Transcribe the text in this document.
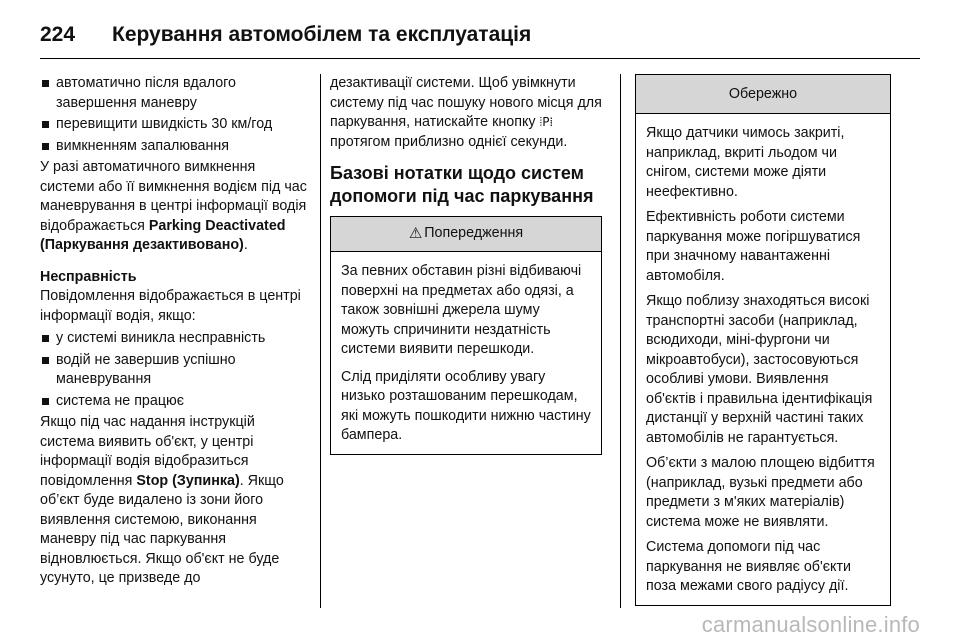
224	Керування автомобілем та експлуатація
автоматично після вдалого завершення маневру
перевищити швидкість 30 км/год
вимкненням запалювання

У разі автоматичного вимкнення системи або її вимкнення водієм під час маневрування в центрі інформації водія відображається Parking Deactivated (Паркування дезактивовано).

Несправність

Повідомлення відображається в центрі інформації водія, якщо:

у системі виникла несправність
водій не завершив успішно маневрування
система не працює

Якщо під час надання інструкцій система виявить об'єкт, у центрі інформації водія відобразиться повідомлення Stop (Зупинка). Якщо об’єкт буде видалено із зони його виявлення системою, виконання маневру під час паркування відновлюється. Якщо об'єкт не буде усунуто, це призведе до

дезактивації системи. Щоб увімкнути систему під час пошуку нового місця для паркування, натискайте кнопку ⦙P⁞ протягом приблизно однієї секунди.

Базові нотатки щодо систем допомоги під час паркування
⚠ Попередження

За певних обставин різні відбиваючі поверхні на предметах або одязі, а також зовнішні джерела шуму можуть спричинити нездатність системи виявити перешкоди.

Слід приділяти особливу увагу низько розташованим перешкодам, які можуть пошкодити нижню частину бампера.

Обережно

Якщо датчики чимось закриті, наприклад, вкриті льодом чи снігом, системи може діяти неефективно.

Ефективність роботи системи паркування може погіршуватися при значному навантаженні автомобіля.

Якщо поблизу знаходяться високі транспортні засоби (наприклад, всюдиходи, міні-фургони чи мікроавтобуси), застосовуються особливі умови. Виявлення об'єктів і правильна ідентифікація дистанції у верхній частині таких автомобілів не гарантується.

Об’єкти з малою площею відбиття (наприклад, вузькі предмети або предмети з м'яких матеріалів) система може не виявляти.

Система допомоги під час паркування не виявляє об'єкти поза межами свого радіусу дії.

carmanualsonline.info
